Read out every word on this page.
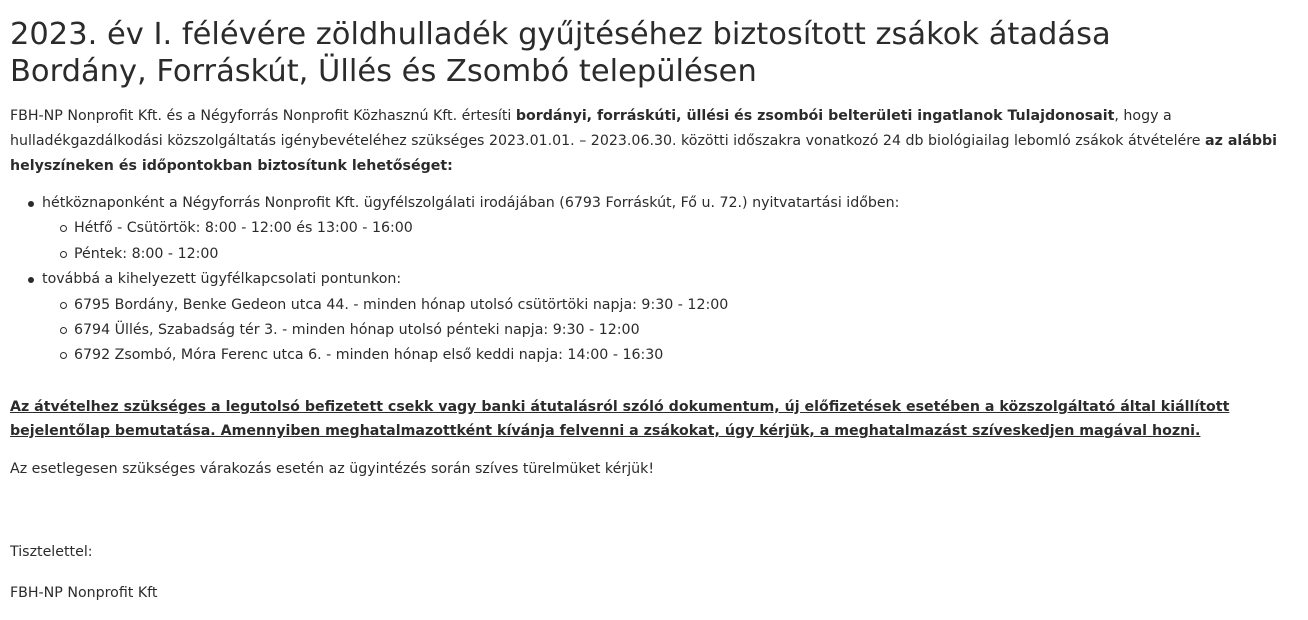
2023. év I. félévére zöldhulladék gyűjtéséhez biztosított zsákok átadása
Bordány, Forráskút, Üllés és Zsombó településen

FBH-NP Nonprofit Kft. és a Négyforrás Nonprofit Közhasznú Kft. értesíti bordányi, forráskúti, üllési és zsombói belterületi ingatlanok Tulajdonosait, hogy a hulladékgazdálkodási közszolgáltatás igénybevételéhez szükséges 2023.01.01. – 2023.06.30. közötti időszakra vonatkozó 24 db biológiailag lebomló zsákok átvételére az alábbi helyszíneken és időpontokban biztosítunk lehetőséget:

hétköznaponként a Négyforrás Nonprofit Kft. ügyfélszolgálati irodájában (6793 Forráskút, Fő u. 72.) nyitvatartási időben:
Hétfő - Csütörtök: 8:00 - 12:00 és 13:00 - 16:00
Péntek: 8:00 - 12:00
továbbá a kihelyezett ügyfélkapcsolati pontunkon:
6795 Bordány, Benke Gedeon utca 44. - minden hónap utolsó csütörtöki napja: 9:30 - 12:00
6794 Üllés, Szabadság tér 3. - minden hónap utolsó pénteki napja: 9:30 - 12:00
6792 Zsombó, Móra Ferenc utca 6. - minden hónap első keddi napja: 14:00 - 16:30

Az átvételhez szükséges a legutolsó befizetett csekk vagy banki átutalásról szóló dokumentum, új előfizetések esetében a közszolgáltató által kiállított bejelentőlap bemutatása. Amennyiben meghatalmazottként kívánja felvenni a zsákokat, úgy kérjük, a meghatalmazást szíveskedjen magával hozni.

Az esetlegesen szükséges várakozás esetén az ügyintézés során szíves türelmüket kérjük!

Tisztelettel:

FBH-NP Nonprofit Kft
